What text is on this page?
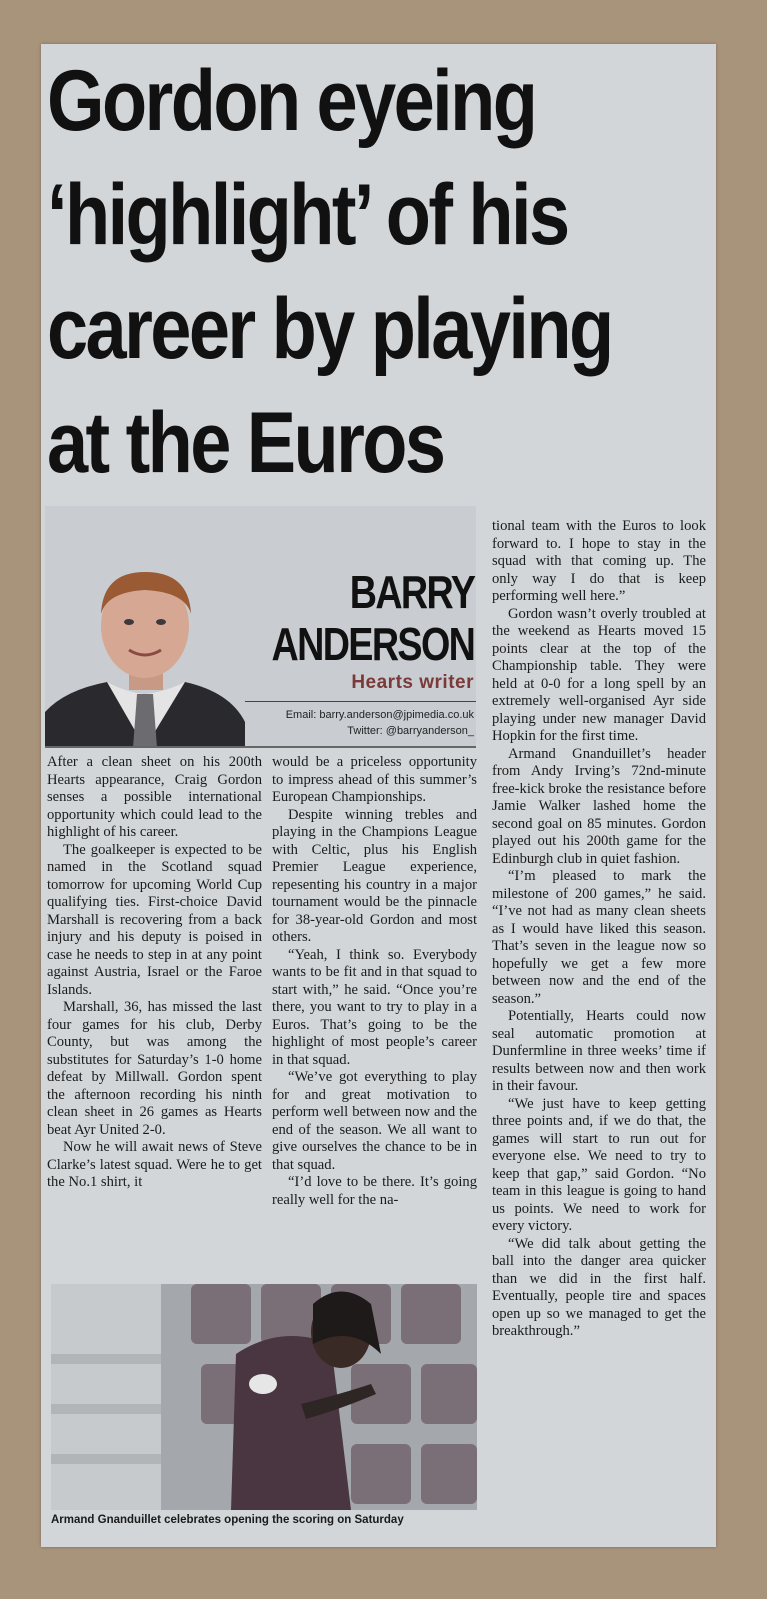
Gordon eyeing
‘highlight’ of his
career by playing
at the Euros
BARRY
ANDERSON
Hearts writer
Email: barry.anderson@jpimedia.co.uk
Twitter: @barryanderson_

After a clean sheet on his 200th Hearts appearance, Craig Gordon senses a possible international opportunity which could lead to the highlight of his career.

The goalkeeper is expected to be named in the Scotland squad tomorrow for upcoming World Cup qualifying ties. First-choice David Marshall is recovering from a back injury and his deputy is poised in case he needs to step in at any point against Austria, Israel or the Faroe Islands.

Marshall, 36, has missed the last four games for his club, Derby County, but was among the substitutes for Saturday’s 1-0 home defeat by Millwall. Gordon spent the afternoon recording his ninth clean sheet in 26 games as Hearts beat Ayr United 2-0.

Now he will await news of Steve Clarke’s latest squad. Were he to get the No.1 shirt, it

would be a priceless opportunity to impress ahead of this summer’s European Championships.

Despite winning trebles and playing in the Champions League with Celtic, plus his English Premier League experience, repesenting his country in a major tournament would be the pinnacle for 38-year-old Gordon and most others.

“Yeah, I think so. Everybody wants to be fit and in that squad to start with,” he said. “Once you’re there, you want to try to play in a Euros. That’s going to be the highlight of most people’s career in that squad.

“We’ve got everything to play for and great motivation to perform well between now and the end of the season. We all want to give ourselves the chance to be in that squad.

“I’d love to be there. It’s going really well for the na-

tional team with the Euros to look forward to. I hope to stay in the squad with that coming up. The only way I do that is keep performing well here.”

Gordon wasn’t overly troubled at the weekend as Hearts moved 15 points clear at the top of the Championship table. They were held at 0-0 for a long spell by an extremely well-organised Ayr side playing under new manager David Hopkin for the first time.

Armand Gnanduillet’s header from Andy Irving’s 72nd-minute free-kick broke the resistance before Jamie Walker lashed home the second goal on 85 minutes. Gordon played out his 200th game for the Edinburgh club in quiet fashion.

“I’m pleased to mark the milestone of 200 games,” he said. “I’ve not had as many clean sheets as I would have liked this season. That’s seven in the league now so hopefully we get a few more between now and the end of the season.”

Potentially, Hearts could now seal automatic promotion at Dunfermline in three weeks’ time if results between now and then work in their favour.

“We just have to keep getting three points and, if we do that, the games will start to run out for everyone else. We need to try to keep that gap,” said Gordon. “No team in this league is going to hand us points. We need to work for every victory.

“We did talk about getting the ball into the danger area quicker than we did in the first half. Eventually, people tire and spaces open up so we managed to get the breakthrough.”

Armand Gnanduillet celebrates opening the scoring on Saturday
